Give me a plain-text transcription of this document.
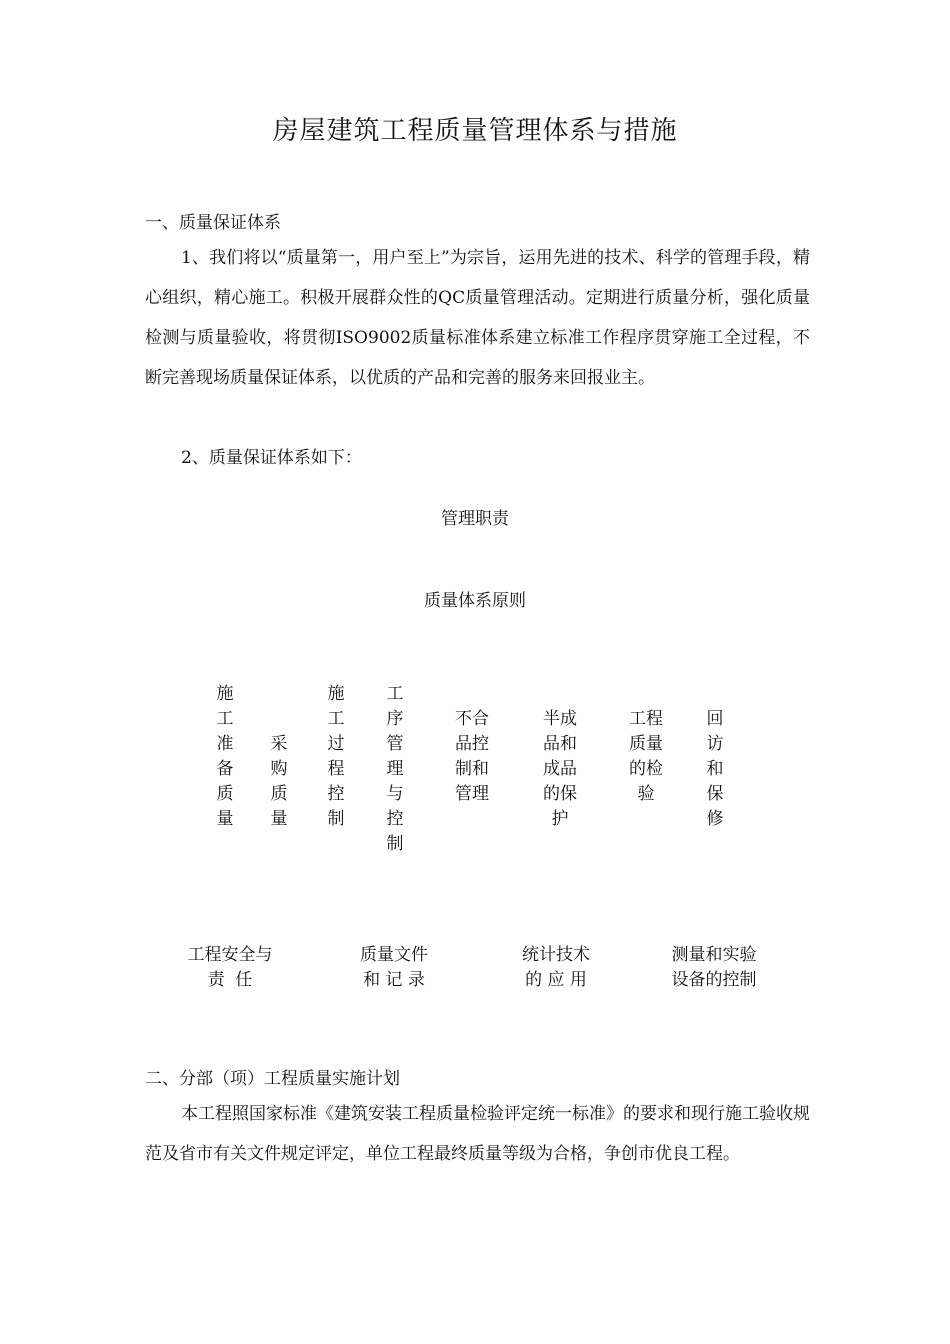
房屋建筑工程质量管理体系与措施
一、质量保证体系

1、我们将以“质量第一，用户至上”为宗旨，运用先进的技术、科学的管理手段，精心组织，精心施工。积极开展群众性的QC质量管理活动。定期进行质量分析，强化质量检测与质量验收，将贯彻ISO9002质量标准体系建立标准工作程序贯穿施工全过程，不断完善现场质量保证体系，以优质的产品和完善的服务来回报业主。

2、质量保证体系如下：

管理职责
质量体系原则
施工准备质量
采购质量
施工过程控制
工序管理与控制
不合品控制和管理
半成品和成品的保护
工程质量的检验
回访和保修
工程安全与
责  任
质量文件
和 记 录
统计技术
的 应 用
测量和实验
设备的控制
二、分部（项）工程质量实施计划

本工程照国家标准《建筑安装工程质量检验评定统一标准》的要求和现行施工验收规范及省市有关文件规定评定，单位工程最终质量等级为合格，争创市优良工程。
